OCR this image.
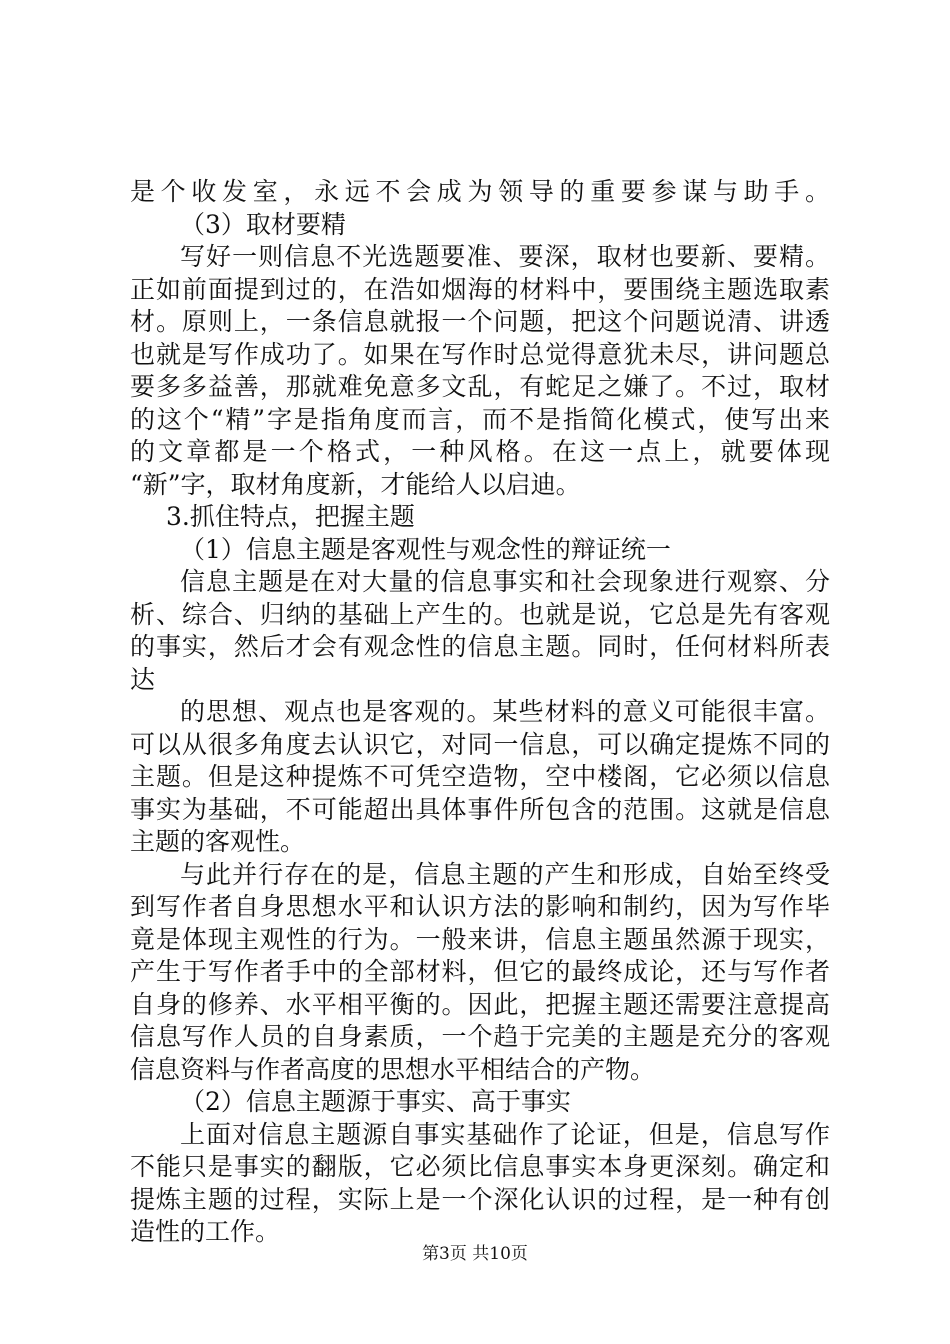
是个收发室，永远不会成为领导的重要参谋与助手。
（3）取材要精
写好一则信息不光选题要准、要深，取材也要新、要精。
正如前面提到过的，在浩如烟海的材料中，要围绕主题选取素
材。原则上，一条信息就报一个问题，把这个问题说清、讲透
也就是写作成功了。如果在写作时总觉得意犹未尽，讲问题总
要多多益善，那就难免意多文乱，有蛇足之嫌了。不过，取材
的这个“精”字是指角度而言，而不是指简化模式，使写出来
的文章都是一个格式，一种风格。在这一点上，就要体现
“新”字，取材角度新，才能给人以启迪。
3.抓住特点，把握主题
（1）信息主题是客观性与观念性的辩证统一
信息主题是在对大量的信息事实和社会现象进行观察、分
析、综合、归纳的基础上产生的。也就是说，它总是先有客观
的事实，然后才会有观念性的信息主题。同时，任何材料所表
达
的思想、观点也是客观的。某些材料的意义可能很丰富。
可以从很多角度去认识它，对同一信息，可以确定提炼不同的
主题。但是这种提炼不可凭空造物，空中楼阁，它必须以信息
事实为基础，不可能超出具体事件所包含的范围。这就是信息
主题的客观性。
与此并行存在的是，信息主题的产生和形成，自始至终受
到写作者自身思想水平和认识方法的影响和制约，因为写作毕
竟是体现主观性的行为。一般来讲，信息主题虽然源于现实，
产生于写作者手中的全部材料，但它的最终成论，还与写作者
自身的修养、水平相平衡的。因此，把握主题还需要注意提高
信息写作人员的自身素质，一个趋于完美的主题是充分的客观
信息资料与作者高度的思想水平相结合的产物。
（2）信息主题源于事实、高于事实
上面对信息主题源自事实基础作了论证，但是，信息写作
不能只是事实的翻版，它必须比信息事实本身更深刻。确定和
提炼主题的过程，实际上是一个深化认识的过程，是一种有创
造性的工作。
第3页 共10页
